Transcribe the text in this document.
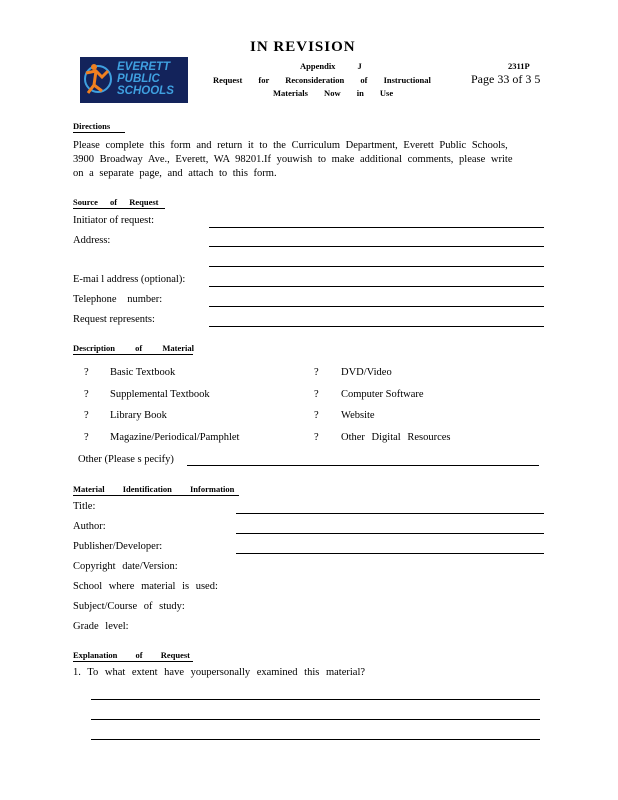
IN REVISION
EVERETT
PUBLIC
SCHOOLS
Appendix J	2311P
Request for Reconsideration of Instructional	Page 33 of 3 5
Materials Now in Use
Directions
Please complete this form and return it to the Curriculum Department, Everett Public Schools, 3900 Broadway Ave., Everett, WA 98201.If youwish to make additional comments, please write on a separate page, and attach to this form.
Source of Request
Initiator of request:
Address:
E-mai l address (optional):
Telephone number:
Request represents:
Description of Material
? Basic Textbook
? Supplemental Textbook
? Library Book
? Magazine/Periodical/Pamphlet
? DVD/Video
? Computer Software
? Website
? Other Digital Resources
Other (Please s pecify)
Material Identification Information
Title:
Author:
Publisher/Developer:
Copyright date/Version:
School where material is used:
Subject/Course of study:
Grade level:
Explanation of Request
1. To what extent have youpersonally examined this material?
